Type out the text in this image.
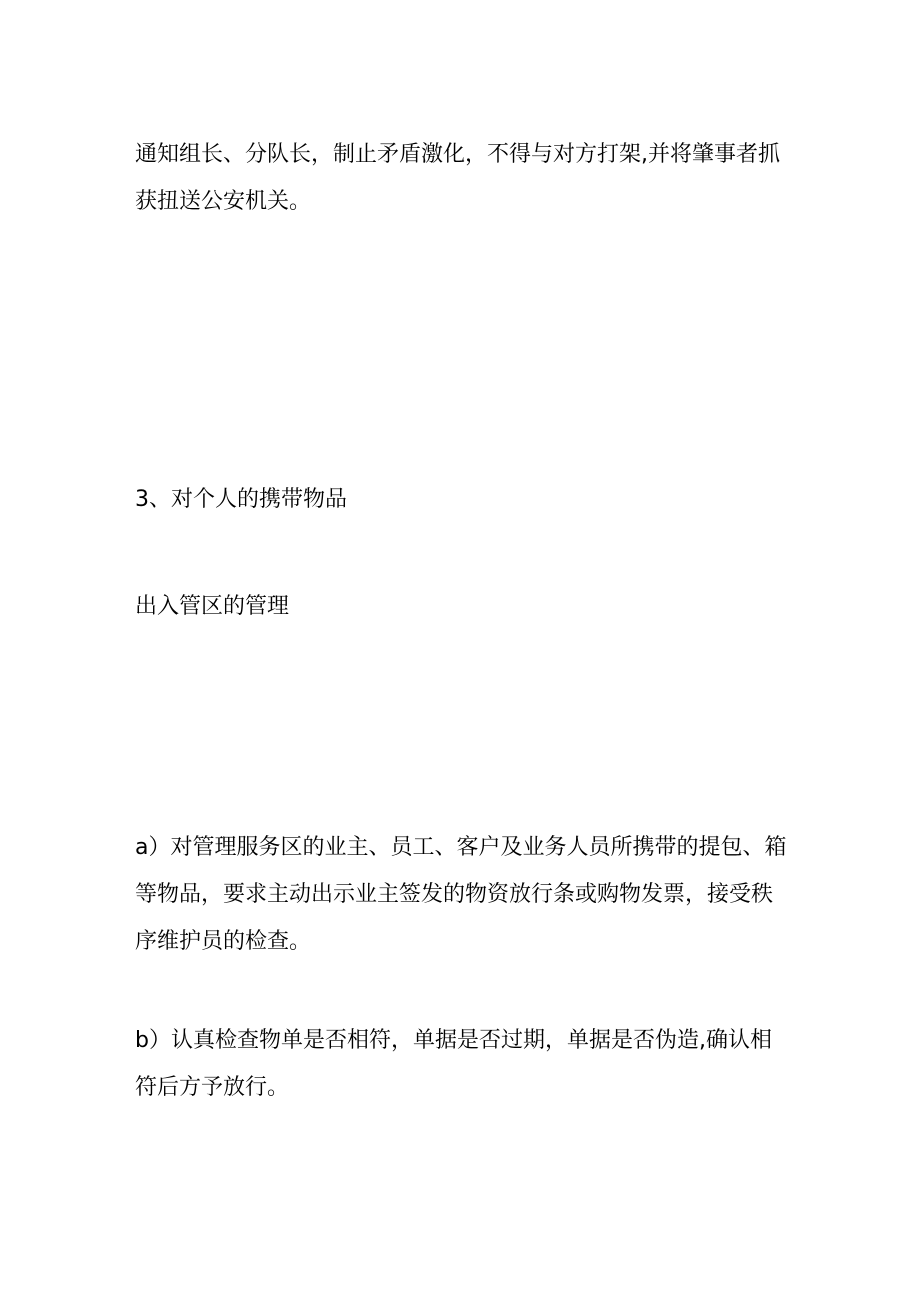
通知组长、分队长，制止矛盾激化，不得与对方打架,并将肇事者抓
获扭送公安机关。

3、对个人的携带物品

出入管区的管理

a）对管理服务区的业主、员工、客户及业务人员所携带的提包、箱
等物品，要求主动出示业主签发的物资放行条或购物发票，接受秩
序维护员的检查。

b）认真检查物单是否相符，单据是否过期，单据是否伪造,确认相
符后方予放行。
